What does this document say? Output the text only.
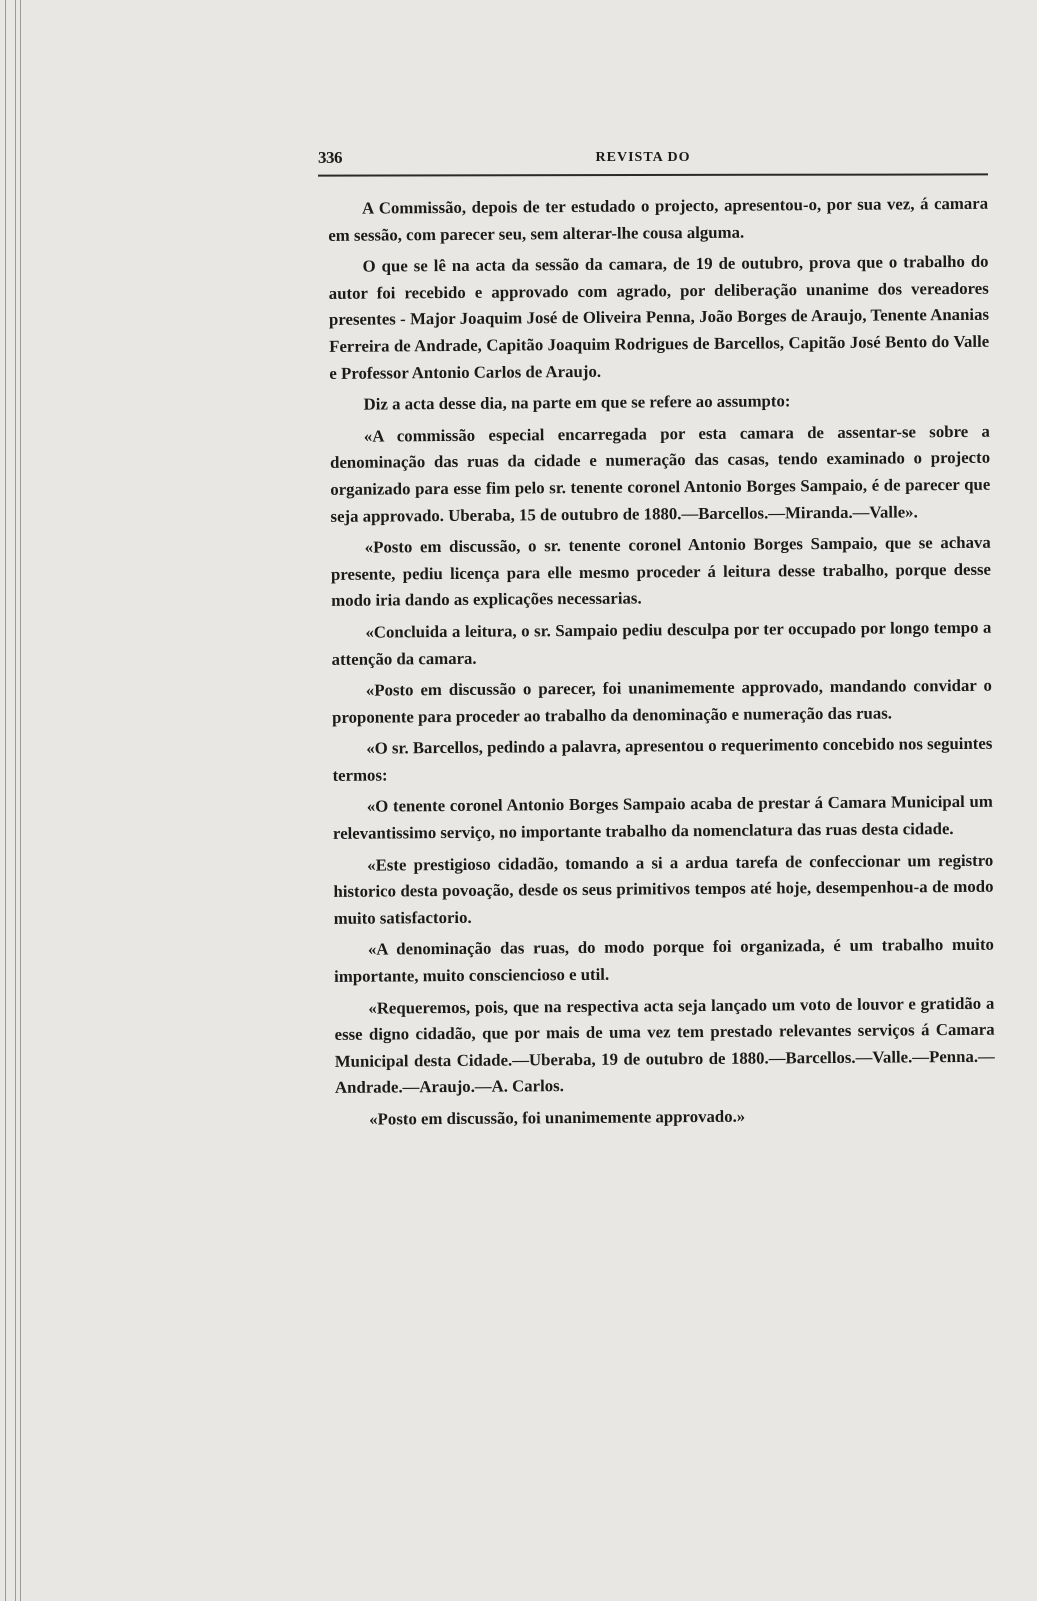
336	REVISTA DO

A Commissão, depois de ter estudado o projecto, apresentou-o, por sua vez, á camara em sessão, com parecer seu, sem alterar-lhe cousa alguma.

O que se lê na acta da sessão da camara, de 19 de outubro, prova que o trabalho do autor foi recebido e approvado com agrado, por deliberação unanime dos vereadores presentes - Major Joaquim José de Oliveira Penna, João Borges de Araujo, Tenente Ananias Ferreira de Andrade, Capitão Joaquim Rodrigues de Barcellos, Capitão José Bento do Valle e Professor Antonio Carlos de Araujo.

Diz a acta desse dia, na parte em que se refere ao assumpto:

«A commissão especial encarregada por esta camara de assentar-se sobre a denominação das ruas da cidade e numeração das casas, tendo examinado o projecto organizado para esse fim pelo sr. tenente coronel Antonio Borges Sampaio, é de parecer que seja approvado. Uberaba, 15 de outubro de 1880.—Barcellos.—Miranda.—Valle».

«Posto em discussão, o sr. tenente coronel Antonio Borges Sampaio, que se achava presente, pediu licença para elle mesmo proceder á leitura desse trabalho, porque desse modo iria dando as explicações necessarias.

«Concluida a leitura, o sr. Sampaio pediu desculpa por ter occupado por longo tempo a attenção da camara.

«Posto em discussão o parecer, foi unanimemente approvado, mandando convidar o proponente para proceder ao trabalho da denominação e numeração das ruas.

«O sr. Barcellos, pedindo a palavra, apresentou o requerimento concebido nos seguintes termos:

«O tenente coronel Antonio Borges Sampaio acaba de prestar á Camara Municipal um relevantissimo serviço, no importante trabalho da nomenclatura das ruas desta cidade.

«Este prestigioso cidadão, tomando a si a ardua tarefa de confeccionar um registro historico desta povoação, desde os seus primitivos tempos até hoje, desempenhou-a de modo muito satisfactorio.

«A denominação das ruas, do modo porque foi organizada, é um trabalho muito importante, muito consciencioso e util.

«Requeremos, pois, que na respectiva acta seja lançado um voto de louvor e gratidão a esse digno cidadão, que por mais de uma vez tem prestado relevantes serviços á Camara Municipal desta Cidade.—Uberaba, 19 de outubro de 1880.—Barcellos.—Valle.—Penna.—Andrade.—Araujo.—A. Carlos.

«Posto em discussão, foi unanimemente approvado.»
